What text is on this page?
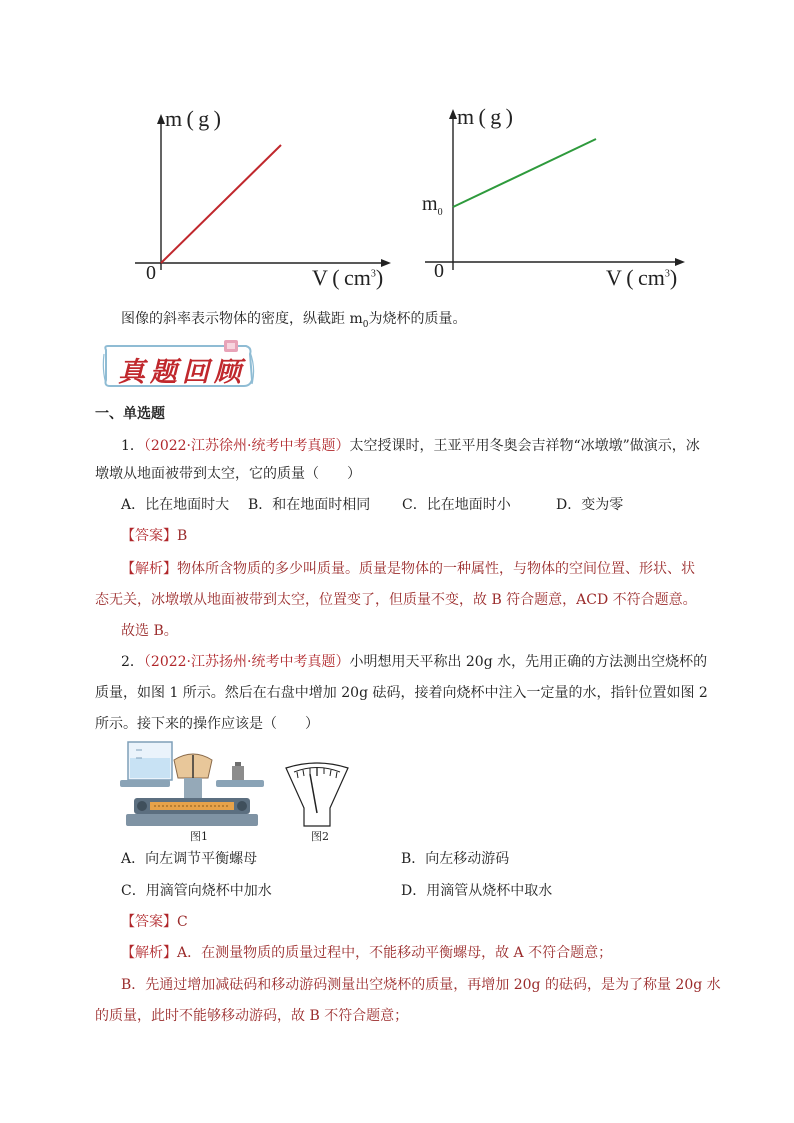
m ( g )
0	V ( $cm^3$)
m ( g )
$m_0$
0	V ( $cm^3$)
图像的斜率表示物体的密度，纵截距 $m_0$为烧杯的质量。
真题回顾
一、单选题
1．（2022·江苏徐州·统考中考真题）太空授课时，王亚平用冬奥会吉祥物“冰墩墩”做演示，冰
墩墩从地面被带到太空，它的质量（　　）
A．比在地面时大 B．和在地面时相同 C．比在地面时小	D．变为零
【答案】B
【解析】物体所含物质的多少叫质量。质量是物体的一种属性，与物体的空间位置、形状、状
态无关，冰墩墩从地面被带到太空，位置变了，但质量不变，故 B 符合题意，ACD 不符合题意。
故选 B。
2．（2022·江苏扬州·统考中考真题）小明想用天平称出 20g 水，先用正确的方法测出空烧杯的
质量，如图 1 所示。然后在右盘中增加 20g 砝码，接着向烧杯中注入一定量的水，指针位置如图 2
所示。接下来的操作应该是（　　）
图1	图2
A．向左调节平衡螺母	B．向左移动游码
C．用滴管向烧杯中加水	D．用滴管从烧杯中取水
【答案】C
【解析】A．在测量物质的质量过程中，不能移动平衡螺母，故 A 不符合题意；
B．先通过增加减砝码和移动游码测量出空烧杯的质量，再增加 20g 的砝码，是为了称量 20g 水
的质量，此时不能够移动游码，故 B 不符合题意；
